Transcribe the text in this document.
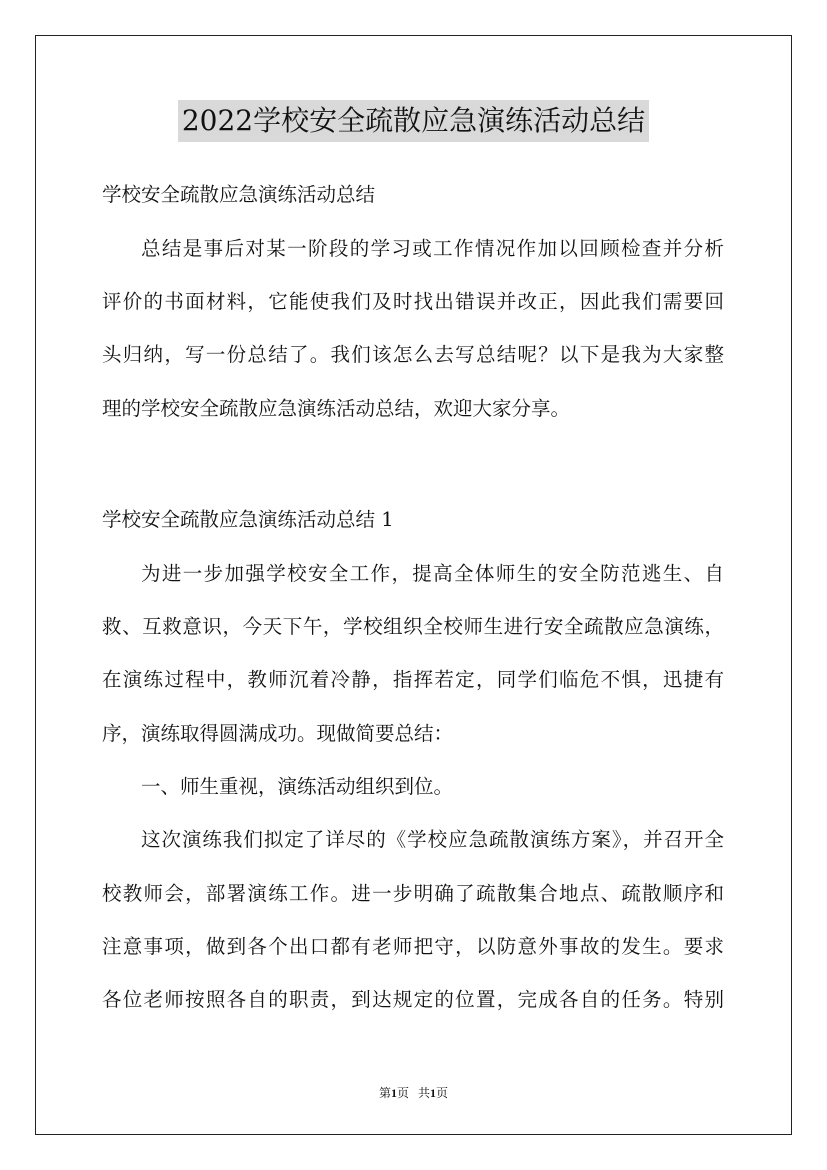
2022学校安全疏散应急演练活动总结
学校安全疏散应急演练活动总结
总结是事后对某一阶段的学习或工作情况作加以回顾检查并分析
评价的书面材料，它能使我们及时找出错误并改正，因此我们需要回
头归纳，写一份总结了。我们该怎么去写总结呢？以下是我为大家整
理的学校安全疏散应急演练活动总结，欢迎大家分享。
学校安全疏散应急演练活动总结 1
为进一步加强学校安全工作，提高全体师生的安全防范逃生、自
救、互救意识，今天下午，学校组织全校师生进行安全疏散应急演练，
在演练过程中，教师沉着冷静，指挥若定，同学们临危不惧，迅捷有
序，演练取得圆满成功。现做简要总结：
一、师生重视，演练活动组织到位。
这次演练我们拟定了详尽的《学校应急疏散演练方案》，并召开全
校教师会，部署演练工作。进一步明确了疏散集合地点、疏散顺序和
注意事项，做到各个出口都有老师把守，以防意外事故的发生。要求
各位老师按照各自的职责，到达规定的位置，完成各自的任务。特别
第1页   共1页
